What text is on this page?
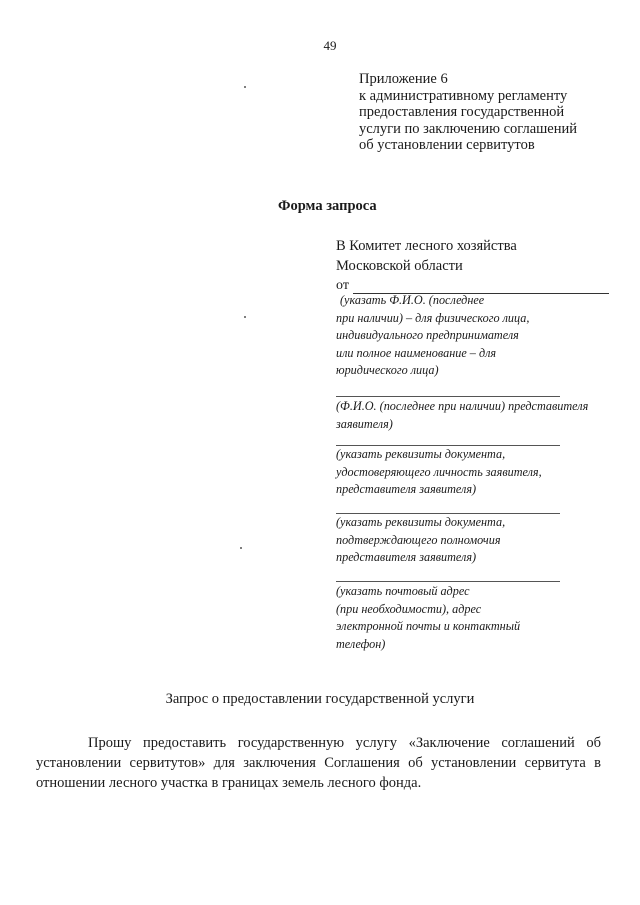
49
Приложение 6
к административному регламенту
предоставления государственной
услуги по заключению соглашений
об установлении сервитутов
Форма запроса
В Комитет лесного хозяйства
Московской области
от
(указать Ф.И.О. (последнее
при наличии) – для физического лица,
индивидуального предпринимателя
или полное наименование – для
юридического лица)
(Ф.И.О. (последнее при наличии) представителя
заявителя)
(указать реквизиты документа,
удостоверяющего личность заявителя,
представителя заявителя)
(указать реквизиты документа,
подтверждающего полномочия
представителя заявителя)
(указать почтовый адрес
(при необходимости), адрес
электронной почты и контактный
телефон)
Запрос о предоставлении государственной услуги
Прошу предоставить государственную услугу «Заключение соглашений об установлении сервитутов» для заключения Соглашения об установлении сервитута в отношении лесного участка в границах земель лесного фонда.
